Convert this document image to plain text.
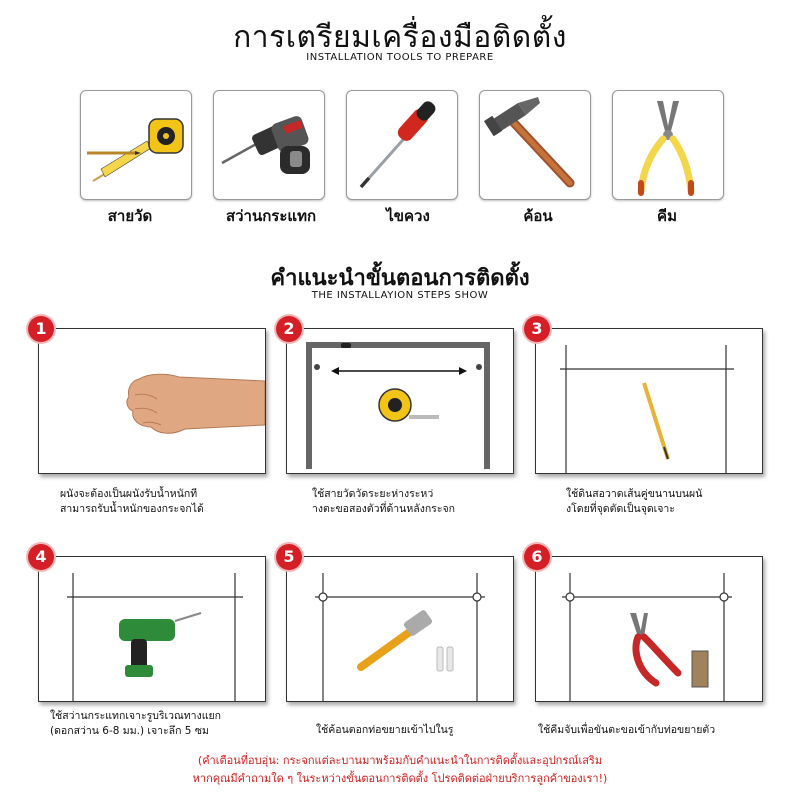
การเตรียมเครื่องมือติดตั้ง
INSTALLATION TOOLS TO PREPARE
สายวัด	สว่านกระแทก	ไขควง	ค้อน	คีม
คำแนะนำขั้นตอนการติดตั้ง
THE INSTALLAYION STEPS SHOW
1
ผนังจะต้องเป็นผนังรับน้ำหนักที
สามารถรับน้ำหนักของกระจกได้
2
ใช้สายวัดวัดระยะห่างระหว่
างตะขอสองตัวที่ด้านหลังกระจก
3
ใช้ดินสอวาดเส้นคู่ขนานบนผนั
งโดยที่จุดตัดเป็นจุดเจาะ
4
ใช้สว่านกระแทกเจาะรูบริเวณทางแยก
(ดอกสว่าน 6-8 มม.) เจาะลึก 5 ซม
5
ใช้ค้อนตอกท่อขยายเข้าไปในรู
6
ใช้คีมจับเพื่อขันตะขอเข้ากับท่อขยายตัว
(คำเตือนที่อบอุ่น: กระจกแต่ละบานมาพร้อมกับคำแนะนำในการติดตั้งและอุปกรณ์เสริม
หากคุณมีคำถามใด ๆ ในระหว่างขั้นตอนการติดตั้ง โปรดติดต่อฝ่ายบริการลูกค้าของเรา!)
